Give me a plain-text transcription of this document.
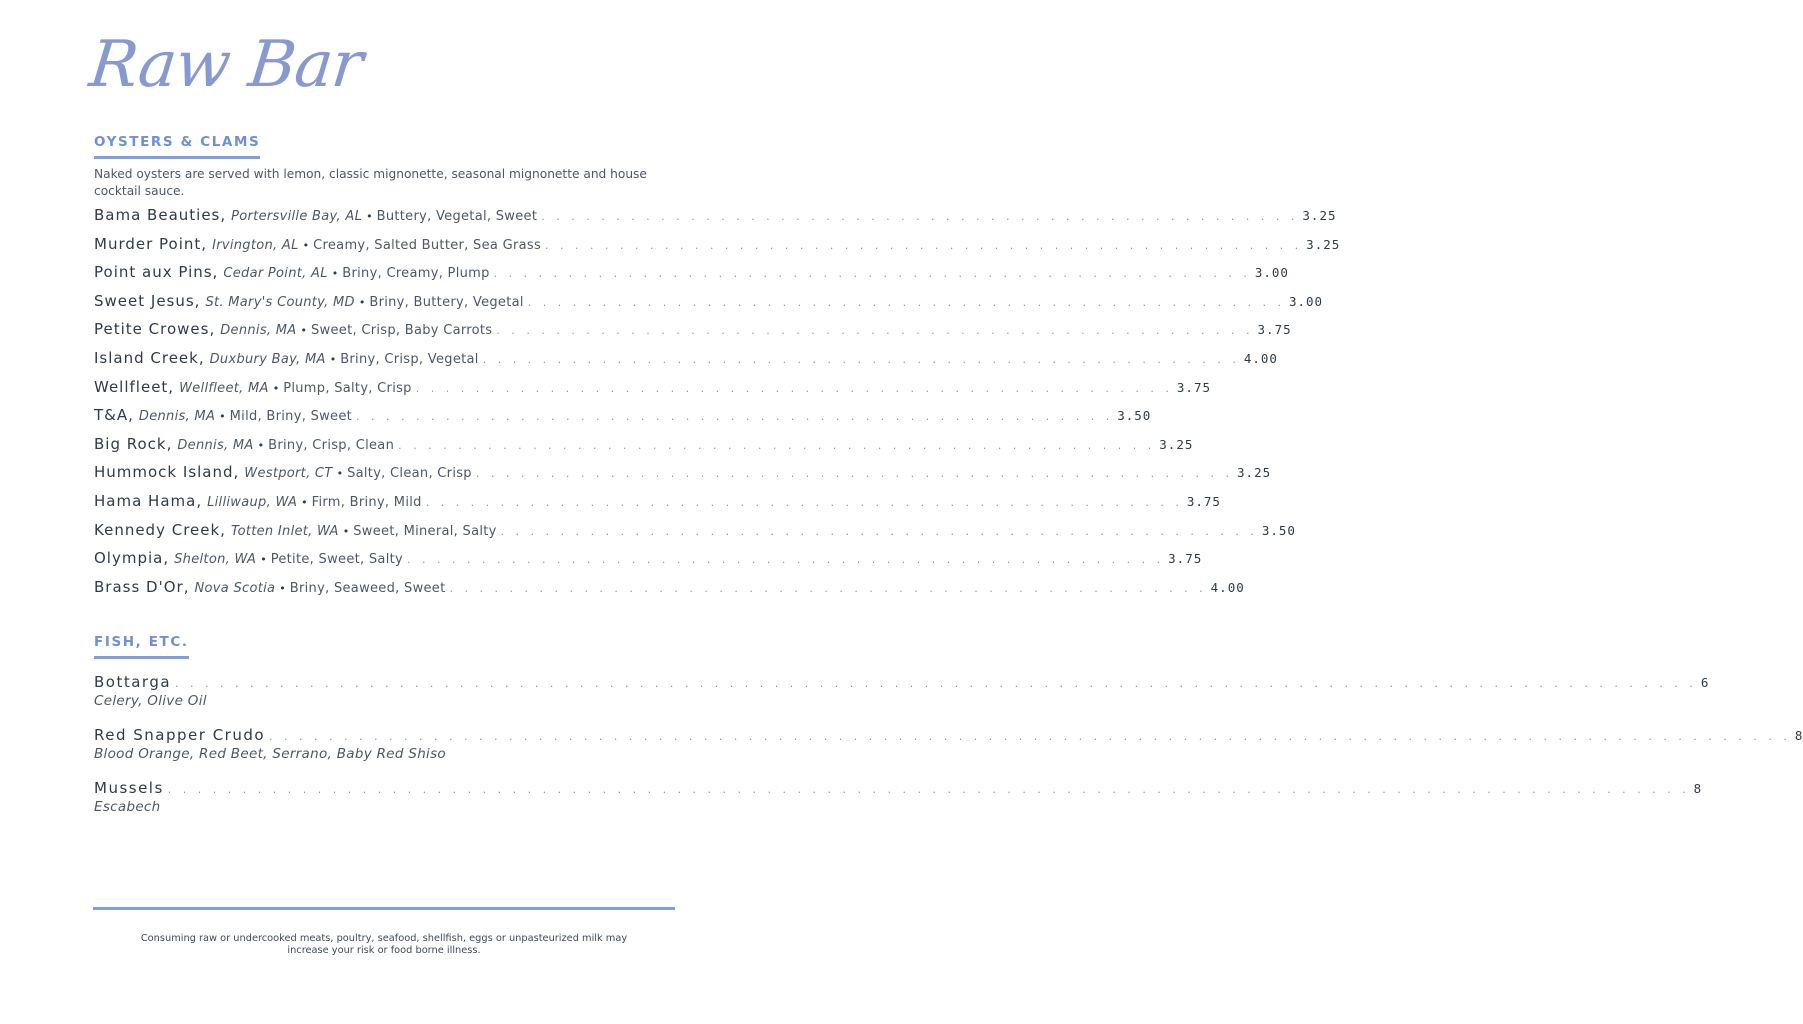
Raw Bar
OYSTERS & CLAMS
Naked oysters are served with lemon, classic mignonette, seasonal mignonette and house cocktail sauce.
Bama Beauties, Portersville Bay, AL • Buttery, Vegetal, Sweet . . . . . . . . . . . . . . . . . . . . . . . . . . . . . . . . . . . . . . . . . . . . . . . . . . . 3.25
Murder Point, Irvington, AL • Creamy, Salted Butter, Sea Grass . . . . . . . . . . . . . . . . . . . . . . . . . . . . . . . . . . . . . . . . . . . . . . . . . . . 3.25
Point aux Pins, Cedar Point, AL • Briny, Creamy, Plump . . . . . . . . . . . . . . . . . . . . . . . . . . . . . . . . . . . . . . . . . . . . . . . . . . . 3.00
Sweet Jesus, St. Mary's County, MD • Briny, Buttery, Vegetal . . . . . . . . . . . . . . . . . . . . . . . . . . . . . . . . . . . . . . . . . . . . . . . . . . . 3.00
Petite Crowes, Dennis, MA • Sweet, Crisp, Baby Carrots . . . . . . . . . . . . . . . . . . . . . . . . . . . . . . . . . . . . . . . . . . . . . . . . . . . 3.75
Island Creek, Duxbury Bay, MA • Briny, Crisp, Vegetal . . . . . . . . . . . . . . . . . . . . . . . . . . . . . . . . . . . . . . . . . . . . . . . . . . . 4.00
Wellfleet, Wellfleet, MA • Plump, Salty, Crisp . . . . . . . . . . . . . . . . . . . . . . . . . . . . . . . . . . . . . . . . . . . . . . . . . . . 3.75
T&A, Dennis, MA • Mild, Briny, Sweet . . . . . . . . . . . . . . . . . . . . . . . . . . . . . . . . . . . . . . . . . . . . . . . . . . . 3.50
Big Rock, Dennis, MA • Briny, Crisp, Clean . . . . . . . . . . . . . . . . . . . . . . . . . . . . . . . . . . . . . . . . . . . . . . . . . . . 3.25
Hummock Island, Westport, CT • Salty, Clean, Crisp . . . . . . . . . . . . . . . . . . . . . . . . . . . . . . . . . . . . . . . . . . . . . . . . . . . 3.25
Hama Hama, Lilliwaup, WA • Firm, Briny, Mild . . . . . . . . . . . . . . . . . . . . . . . . . . . . . . . . . . . . . . . . . . . . . . . . . . . 3.75
Kennedy Creek, Totten Inlet, WA • Sweet, Mineral, Salty . . . . . . . . . . . . . . . . . . . . . . . . . . . . . . . . . . . . . . . . . . . . . . . . . . . 3.50
Olympia, Shelton, WA • Petite, Sweet, Salty . . . . . . . . . . . . . . . . . . . . . . . . . . . . . . . . . . . . . . . . . . . . . . . . . . . 3.75
Brass D'Or, Nova Scotia • Briny, Seaweed, Sweet . . . . . . . . . . . . . . . . . . . . . . . . . . . . . . . . . . . . . . . . . . . . . . . . . . . 4.00
FISH, ETC.
Bottarga . . . . . . . . . . . . . . . . . . . . . . . . . . . . . . . . . . . . . . . . . . . . . . . . . . . . . . . . . . . . . . . . . . . . . . . . . . . . . . . . . . . . . . . . . . . . . . . . . . . . . . 6
Celery, Olive Oil
Red Snapper Crudo . . . . . . . . . . . . . . . . . . . . . . . . . . . . . . . . . . . . . . . . . . . . . . . . . . . . . . . . . . . . . . . . . . . . . . . . . . . . . . . . . . . . . . . . . . . . . . . . . . . . . . 8
Blood Orange, Red Beet, Serrano, Baby Red Shiso
Mussels . . . . . . . . . . . . . . . . . . . . . . . . . . . . . . . . . . . . . . . . . . . . . . . . . . . . . . . . . . . . . . . . . . . . . . . . . . . . . . . . . . . . . . . . . . . . . . . . . . . . . . 8
Escabech
Consuming raw or undercooked meats, poultry, seafood, shellfish, eggs or unpasteurized milk may
increase your risk or food borne illness.
